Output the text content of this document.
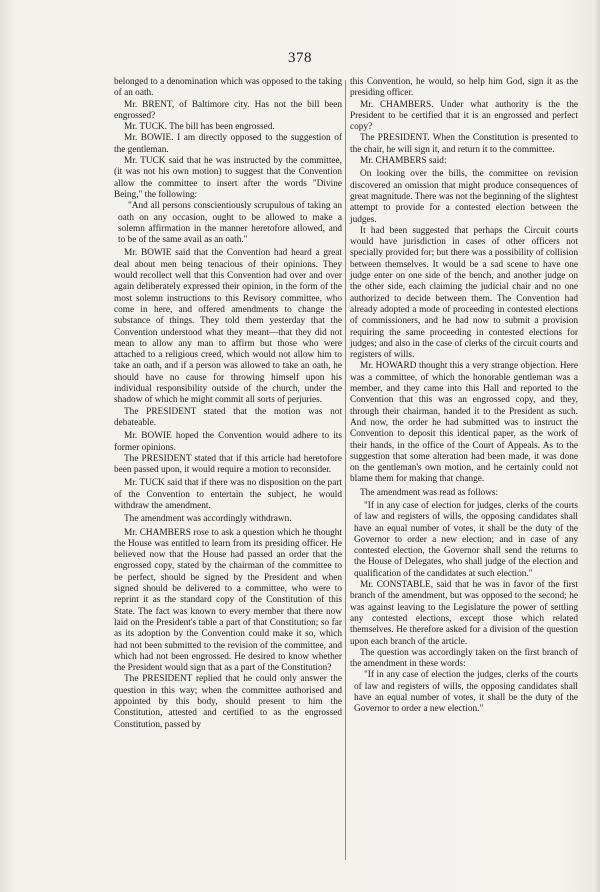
378

belonged to a denomination which was opposed to the taking of an oath.

Mr. BRENT, of Baltimore city. Has not the bill been engrossed?

Mr. TUCK. The bill has been engrossed.

Mr. BOWIE. I am directly opposed to the suggestion of the gentleman.

Mr. TUCK said that he was instructed by the committee, (it was not his own motion) to suggest that the Convention allow the committee to insert after the words "Divine Being," the following:

"And all persons conscientiously scrupulous of taking an oath on any occasion, ought to be allowed to make a solemn affirmation in the manner heretofore allowed, and to be of the same avail as an oath."

Mr. BOWIE said that the Convention had heard a great deal about men being tenacious of their opinions. They would recollect well that this Convention had over and over again deliberately expressed their opinion, in the form of the most solemn instructions to this Revisory committee, who come in here, and offered amendments to change the substance of things. They told them yesterday that the Convention understood what they meant—that they did not mean to allow any man to affirm but those who were attached to a religious creed, which would not allow him to take an oath, and if a person was allowed to take an oath, he should have no cause for throwing himself upon his individual responsibility outside of the church, under the shadow of which he might commit all sorts of perjuries.

The PRESIDENT stated that the motion was not debateable.

Mr. BOWIE hoped the Convention would adhere to its former opinions.

The PRESIDENT stated that if this article had heretofore been passed upon, it would require a motion to reconsider.

Mr. TUCK said that if there was no disposition on the part of the Convention to entertain the subject, he would withdraw the amendment.

The amendment was accordingly withdrawn.

Mr. CHAMBERS rose to ask a question which he thought the House was entitled to learn from its presiding officer. He believed now that the House had passed an order that the engrossed copy, stated by the chairman of the committee to be perfect, should be signed by the President and when signed should be delivered to a committee, who were to reprint it as the standard copy of the Constitution of this State. The fact was known to every member that there now laid on the President's table a part of that Constitution; so far as its adoption by the Convention could make it so, which had not been submitted to the revision of the committee, and which had not been engrossed. He desired to know whether the President would sign that as a part of the Constitution?

The PRESIDENT replied that he could only answer the question in this way; when the committee authorised and appointed by this body, should present to him the Constitution, attested and certified to as the engrossed Constitution, passed by

this Convention, he would, so help him God, sign it as the presiding officer.

Mr. CHAMBERS. Under what authority is the the President to be certified that it is an engrossed and perfect copy?

The PRESIDENT. When the Constitution is presented to the chair, he will sign it, and return it to the committee.

Mr. CHAMBERS said:

On looking over the bills, the committee on revision discovered an omission that might produce consequences of great magnitude. There was not the beginning of the slightest attempt to provide for a contested election between the judges.

It had been suggested that perhaps the Circuit courts would have jurisdiction in cases of other officers not specially provided for; but there was a possibility of collision between themselves. It would be a sad scene to have one judge enter on one side of the bench, and another judge on the other side, each claiming the judicial chair and no one authorized to decide between them. The Convention had already adopted a mode of proceeding in contested elections of commissioners, and he had now to submit a provision requiring the same proceeding in contested elections for judges; and also in the case of clerks of the circuit courts and registers of wills.

Mr. HOWARD thought this a very strange objection. Here was a committee, of which the honorable gentleman was a member, and they came into this Hall and reported to the Convention that this was an engrossed copy, and they, through their chairman, handed it to the President as such. And now, the order he had submitted was to instruct the Convention to deposit this identical paper, as the work of their hands, in the office of the Court of Appeals. As to the suggestion that some alteration had been made, it was done on the gentleman's own motion, and he certainly could not blame them for making that change.

The amendment was read as follows:

"If in any case of election for judges, clerks of the courts of law and registers of wills, the opposing candidates shall have an equal number of votes, it shall be the duty of the Governor to order a new election; and in case of any contested election, the Governor shall send the returns to the House of Delegates, who shall judge of the election and qualification of the candidates at such election."

Mr. CONSTABLE, said that he was in favor of the first branch of the amendment, but was opposed to the second; he was against leaving to the Legislature the power of settling any contested elections, except those which related themselves. He therefore asked for a division of the question upon each branch of the article.

The question was accordingly taken on the first branch of the amendment in these words:

"If in any case of election the judges, clerks of the courts of law and registers of wills, the opposing candidates shall have an equal number of votes, it shall be the duty of the Governor to order a new election."
